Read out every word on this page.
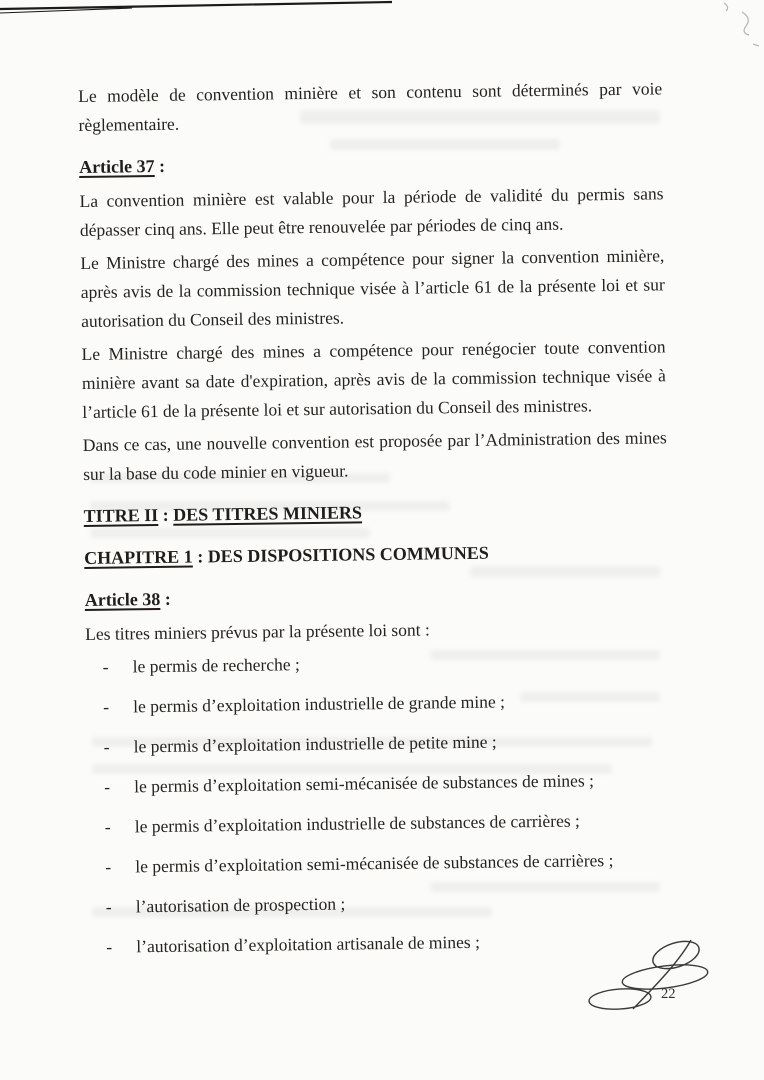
Le modèle de convention minière et son contenu sont déterminés par voie règlementaire.

Article 37 :

La convention minière est valable pour la période de validité du permis sans dépasser cinq ans. Elle peut être renouvelée par périodes de cinq ans.

Le Ministre chargé des mines a compétence pour signer la convention minière, après avis de la commission technique visée à l’article 61 de la présente loi et sur autorisation du Conseil des ministres.

Le Ministre chargé des mines a compétence pour renégocier toute convention minière avant sa date d'expiration, après avis de la commission technique visée à l’article 61 de la présente loi et sur autorisation du Conseil des ministres.

Dans ce cas, une nouvelle convention est proposée par l’Administration des mines sur la base du code minier en vigueur.

TITRE II : DES TITRES MINIERS
CHAPITRE 1 : DES DISPOSITIONS COMMUNES
Article 38 :

Les titres miniers prévus par la présente loi sont :

- le permis de recherche ;
- le permis d’exploitation industrielle de grande mine ;
- le permis d’exploitation industrielle de petite mine ;
- le permis d’exploitation semi-mécanisée de substances de mines ;
- le permis d’exploitation industrielle de substances de carrières ;
- le permis d’exploitation semi-mécanisée de substances de carrières ;
- l’autorisation de prospection ;
- l’autorisation d’exploitation artisanale de mines ;
22
